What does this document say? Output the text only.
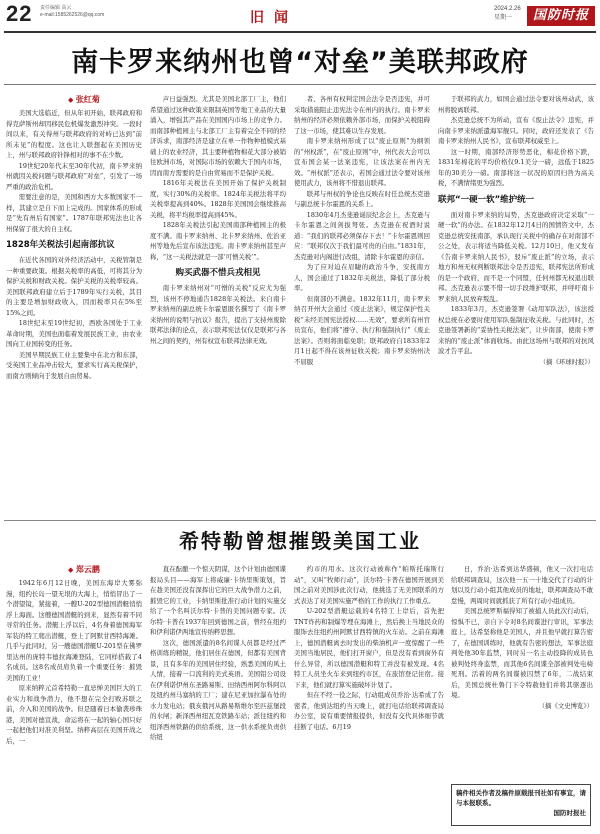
22 责任编辑 高云
e-mail:1585262526@qq.com	旧闻
2024.2.26
星期一	国防时报
南卡罗来纳州也曾“对垒”美联邦政府
◆ 张红菊

美国大选临近，但从年初开始，联邦政府和得克萨斯州却因移民危机爆发激烈冲突。一段时间以来，有关得州与联邦政府的对峙已达到“前所未见”的程度。这也让人联想起在美国历史上，州与联邦政府针锋相对的事不在少数。

19世纪20年代末至30年代初，南卡罗来纳州就因关税问题与联邦政府“对垒”，引发了一场严重的政治危机。

需要注意的是，美国和西方大多数国家不一样，其建立是自下而上完成的。国家体系的形成是“先有州后有国家”。1787年联邦宪法也让各州保留了很大的自主权。

1828年关税法引起南部抗议

在近代各国的对外经济活动中，关税管制是一种重要政策。根据关税率的高低，可将其分为保护关税和财政关税。保护关税的关税率较高。美国联邦政府建立后于1789年实行关税，其目的主要是增加财政收入，因而税率只在5%至15%之间。

18世纪末至19世纪初，西欧各国处于工业革命时期，美国也面临着发展民族工业，由农业国向工业国转变的任务。

美国早期民族工业主要集中在北方和东部，受英国工业品冲击较大，要求实行高关税保护，而南方则倾向于发展自由贸易。

声日益强烈。尤其是美国北部工厂主，他们希望通过这种政策来限制英国等地工业品的大量涌入，增强其产品在美国国内市场上的竞争力。而南部种植园主与北部工厂主有着完全不同的经济诉求，南部经济是建立在单一作物种植模式基础上的农业经济，其主要种植物棉花大部分被销往欧洲市场，对国际市场的依赖大于国内市场，因而南方需要的是自由贸易而不是保护关税。

1816年关税法在美国开始了保护关税制度，实行30%的关税率。1824年关税法将平均关税率提高到40%。1828年美国国会继续推高关税，将平均税率提高到45%。

1828年关税法引起美国南部种植园主的极度不满。南卡罗来纳州、北卡罗来纳州、佐治亚州等地先后宣布该法违宪。南卡罗来纳州甚至声称，“这一关税法就是一部‘可憎关税’”。

购买武器不惜兵戎相见

南卡罗来纳州对“可憎的关税”反应尤为强烈，该州不停地通告1828年关税法。来自南卡罗来纳州的副总统卡尔霍恩匿名撰写了《南卡罗来纳州的说明与抗议》报告，提出了支持州废除联邦法律的论点，表示联邦宪法仅仅是联邦与各州之间的契约，州有权宣布联邦法律无效。

者、各州有权判定国会法令是否违宪，并可采取措施阻止违宪法令在州内的执行。南卡罗来纳州的经济必须依赖外部市场，而保护关税阻碍了这一市场，使其难以生存发展。

南卡罗来纳州形成了以“废止原则”为纲领的“州权派”，在“废止原则”中，州代表大会可以宣布国会某一法案违宪，让该法案在州内无效。“州权派”还表示，若国会通过法令要对该州使用武力，该州将不惜退出联邦。

联邦与州权的争论也反映在时任总统杰克逊与副总统卡尔霍恩的关系上。

1830年4月杰斐逊诞辰纪念会上，杰克逊与卡尔霍恩之间剑拔弩张。杰克逊在祝酒时说道：“我们的联邦必须保存下去！”卡尔霍恩则回应：“联邦仅次于我们最可贵的自由。”1831年，杰克逊对内阁进行改组，清除卡尔霍恩的亲信。

为了应对迫在眉睫的政治斗争，安抚南方人，国会通过了1832年关税法，降低了部分税率。

但南部仍不满意。1832年11月，南卡罗来纳召开州大会通过《废止法案》，规定保护性关税“未经美国宪法授权……无效”，要求所有州官员宣布，他们将“遵守、执行和强制执行”《废止法案》。否则将面临免职；联邦政府自1833年2月1日起不得在该州征收关税；南卡罗来纳州决不屈服

于联邦的武力，如国会通过法令要对该州动武，该州将脱离联邦。

杰克逊总统不为所动，宣布《废止法令》违宪，并向南卡罗来纳派遣海军舰只。同时，政府还发表了《告南卡罗来纳州人民书》，宣布联邦权威至上。

这一时期，南部经济形势恶化，棉花价格下跌，1831年棉花的平均价格仅9.1美分一磅，远低于1825年的30美分一磅。南部将这一状况的原因归咎为高关税，不满情绪更为强烈。

联邦“一硬一软”维护统一

面对南卡罗来纳的局势，杰克逊政府决定采取“一硬一软”的办法。在1832年12月4日的国情咨文中，杰克逊总统安抚南部，承认现行关税中的确存在对南部不公之处，表示将适当降低关税。12月10日，他又发布《告南卡罗来纳人民书》，驳斥“废止派”的立场，表示地方和州无权判断联邦法令是否违宪，联邦宪法所形成的是一个政府，而不是一个同盟，任何州都无权退出联邦。杰克逊表示要不惜一切手段维护联邦，并呼吁南卡罗来纳人民放弃叛乱。

1833年3月，杰克逊签署《动用军队法》，该法授权总统在必要时使用军队强制征收关税。与此同时，杰克逊签署新的“妥协性关税法案”，让步南部，使南卡罗来纳的“废止派”体面收场。由此这场州与联邦的对抗风波才告平息。

（摘《环球时报》）

希特勒曾想摧毁美国工业
◆ 郑云鹏

1942年6月12日晚，美国东海岸大雾弥漫，纽约长岛一望无垠的大海上，悄悄冒出了一个潜望镜，紧接着，一艘U-202型德国潜艇悄悄浮上海面。这艘德国潜艇的到来，显然有着不同寻常的任务。潜艇上浮以后，4名身着德国海军军装的特工爬出潜艇，登上了阿默甘西特海滩。几乎与此同时，另一艘德国潜艇U-201型在佛罗里达州的庞特韦德拉海滩登陆，它同样搭载了4名成员。这8名成员肩负着一个重要任务：摧毁美国的工业！

原来纳粹元首希特勒一直忌惮美国巨大的工业实力和战争潜力，他不想在完全打败苏联之前，介入和美国的战争。但是随着日本偷袭珍珠港，美国对德宣战，命运将在一起的轴心国只好一起把他们对准美利坚。纳粹高层在美国开战之后，一

直在酝酿一个惊天阴谋，这个计划由德国谍报局头目——海军上将威廉·卡纳里斯策划，旨在趁美国还没有深挥出它的巨大战争潜力之前，摧毁它的工业，卡纳里斯批准行动计划的实施交给了一个名叫沃尔特·卡普的美国问题专家。沃尔特·卡普在1937年回到德国之前，曾经在纽约和伊利诺伊两地宣传纳粹思想。

这次，德国派遣的8名间谍人员都是经过严格训练的精锐，他们居住在德国，但都有美国背景，且有多年的美国居住经验，熟悉美国的风土人情，接着一口流利的美式英语。美国铝公司设在伊利诺伊州东圣路易斯、田纳西州阿尔科阿以及纽约州马塞纳的工厂；建在尼亚加拉瀑布处的水力发电站；俄亥俄河从路易斯维尔至匹兹堡段的水闸；新泽西州纽瓦克铁路车站；派往纽约和纽泽西州铁路的供给系统，这一供水系统负责供给纽

约市的用水。这次行动被称作“帕斯托瑞斯行动”，又叫“牧师行动”，沃尔特·卡普在德国开展到美国之前对美国涉此次行动，他挑选了无美国联系的方式表达了对美国实施严格的工作的执行工作重点。

U-202型潜艇运载的4名特工上岸后，首先把TNT炸药和制爆等埋在海滩上，然后换上当地民众的服饰去往纽约州阿默甘西特镇的火车站。之前在海滩上，德国潜艇离去时发出的柴油机声一度惊醒了一些美国当地居民，他们打开窗户，但是没有看到窗外有什么异常，所以德国潜艇和特工并没有被发现。4名特工人员坐火车来到纽约市区，在旅馆登记住宿。接下来，他们就打算实施破坏计划了。

但在不经一役之际，行动组成员乔治·达希成了告密者，他到达纽约当天晚上，就打电话给联邦调查局办公室，说有重要情报提供，但没有交代具体细节就挂断了电话。6月19

日，乔治·达希到达华盛顿，他又一次打电话给联邦调查局，这次他一五一十地交代了行动的计划以及行动小组其他成员的地址，联邦调查局不敢怠慢，两周时间就抓获了所有行动小组成员。

美国总统罗斯福得知了被捕人员此次行动后，惊惧不已，亲自下令对8名间谍进行审讯，军事法庭上，达希坚称他是美国人，并且他早就打算告密了，在德国训练时，他就有告密的想法，军事法庭判处他30年监禁，同时另一名主动投降的成员也被判处终身监禁，而其他6名间谍全部被判处电椅死刑。活着的两名间谍被囚禁了6年，二战结束后，美国总统杜鲁门下令特赦他们并将其驱逐出境。

（摘《文史博览》）

稿件相关作者及稿件原载报刊社如有事宜，请与本报联系。
国防时报社
